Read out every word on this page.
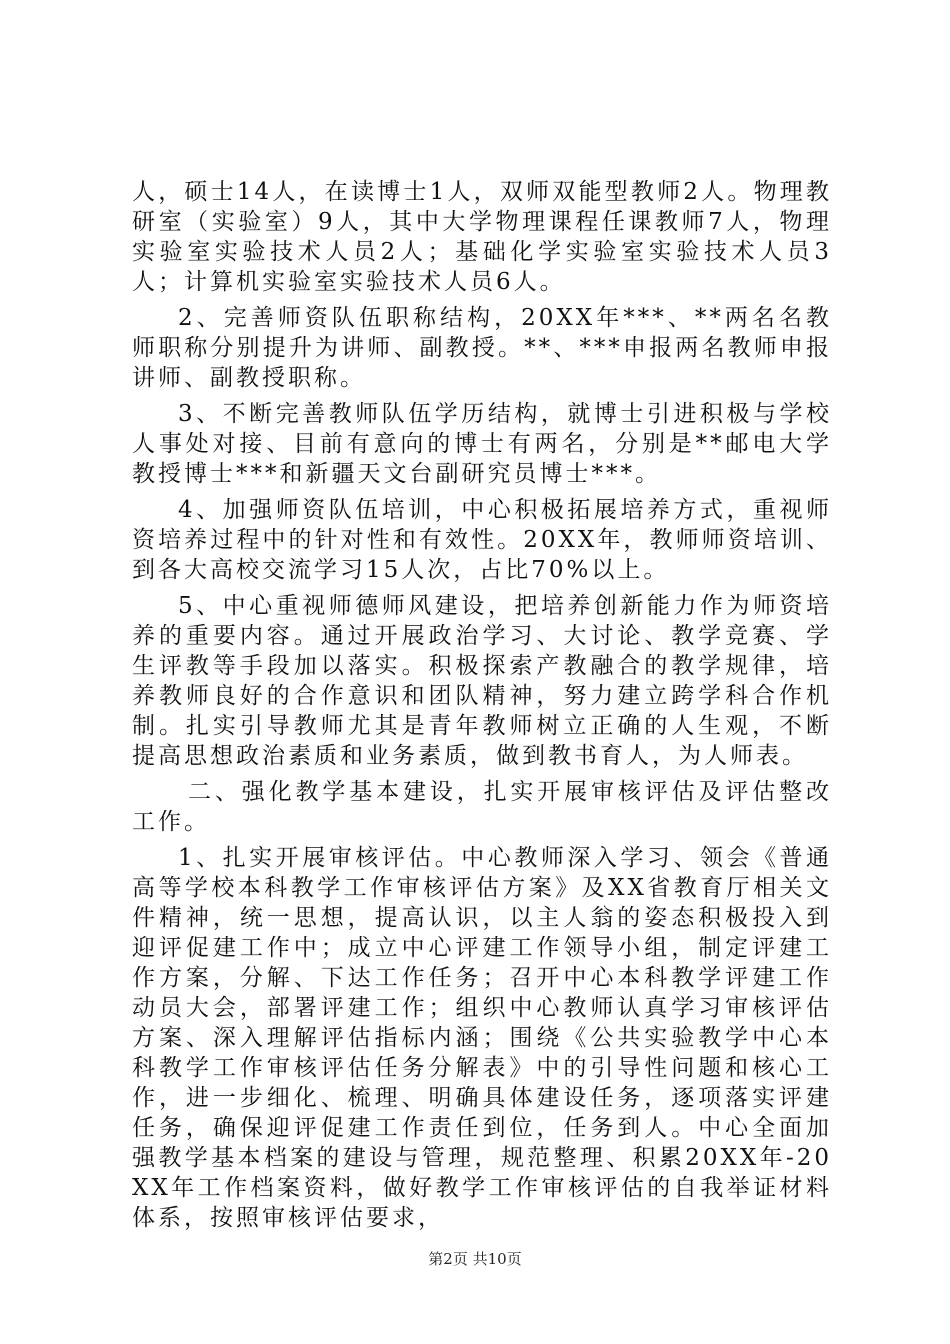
人，硕士14人，在读博士1人，双师双能型教师2人。物理教研室（实验室）9人，其中大学物理课程任课教师7人，物理实验室实验技术人员2人；基础化学实验室实验技术人员3人；计算机实验室实验技术人员6人。

2、完善师资队伍职称结构，20XX年***、**两名名教师职称分别提升为讲师、副教授。**、***申报两名教师申报讲师、副教授职称。

3、不断完善教师队伍学历结构，就博士引进积极与学校人事处对接、目前有意向的博士有两名，分别是**邮电大学教授博士***和新疆天文台副研究员博士***。

4、加强师资队伍培训，中心积极拓展培养方式，重视师资培养过程中的针对性和有效性。20XX年，教师师资培训、到各大高校交流学习15人次，占比70%以上。

5、中心重视师德师风建设，把培养创新能力作为师资培养的重要内容。通过开展政治学习、大讨论、教学竞赛、学生评教等手段加以落实。积极探索产教融合的教学规律，培养教师良好的合作意识和团队精神，努力建立跨学科合作机制。扎实引导教师尤其是青年教师树立正确的人生观，不断提高思想政治素质和业务素质，做到教书育人，为人师表。

二、强化教学基本建设，扎实开展审核评估及评估整改工作。

1、扎实开展审核评估。中心教师深入学习、领会《普通高等学校本科教学工作审核评估方案》及XX省教育厅相关文件精神，统一思想，提高认识，以主人翁的姿态积极投入到迎评促建工作中；成立中心评建工作领导小组，制定评建工作方案，分解、下达工作任务；召开中心本科教学评建工作动员大会，部署评建工作；组织中心教师认真学习审核评估方案、深入理解评估指标内涵；围绕《公共实验教学中心本科教学工作审核评估任务分解表》中的引导性问题和核心工作，进一步细化、梳理、明确具体建设任务，逐项落实评建任务，确保迎评促建工作责任到位，任务到人。中心全面加强教学基本档案的建设与管理，规范整理、积累20XX年-20XX年工作档案资料，做好教学工作审核评估的自我举证材料体系，按照审核评估要求，

第2页 共10页
